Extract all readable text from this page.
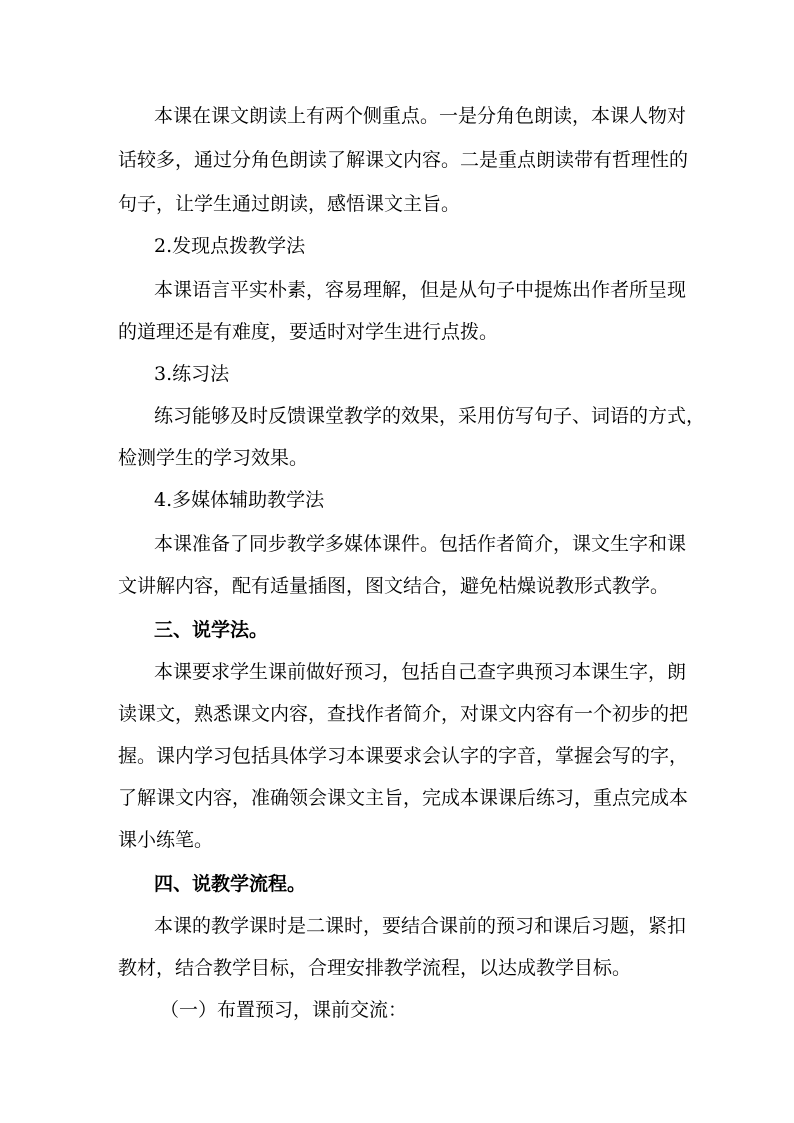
本课在课文朗读上有两个侧重点。一是分角色朗读，本课人物对
话较多，通过分角色朗读了解课文内容。二是重点朗读带有哲理性的
句子，让学生通过朗读，感悟课文主旨。
2.发现点拨教学法
本课语言平实朴素，容易理解，但是从句子中提炼出作者所呈现
的道理还是有难度，要适时对学生进行点拨。
3.练习法
练习能够及时反馈课堂教学的效果，采用仿写句子、词语的方式，
检测学生的学习效果。
4.多媒体辅助教学法
本课准备了同步教学多媒体课件。包括作者简介，课文生字和课
文讲解内容，配有适量插图，图文结合，避免枯燥说教形式教学。
三、说学法。
本课要求学生课前做好预习，包括自己查字典预习本课生字，朗
读课文，熟悉课文内容，查找作者简介，对课文内容有一个初步的把
握。课内学习包括具体学习本课要求会认字的字音，掌握会写的字，
了解课文内容，准确领会课文主旨，完成本课课后练习，重点完成本
课小练笔。
四、说教学流程。
本课的教学课时是二课时，要结合课前的预习和课后习题，紧扣
教材，结合教学目标，合理安排教学流程，以达成教学目标。
（一）布置预习，课前交流：
